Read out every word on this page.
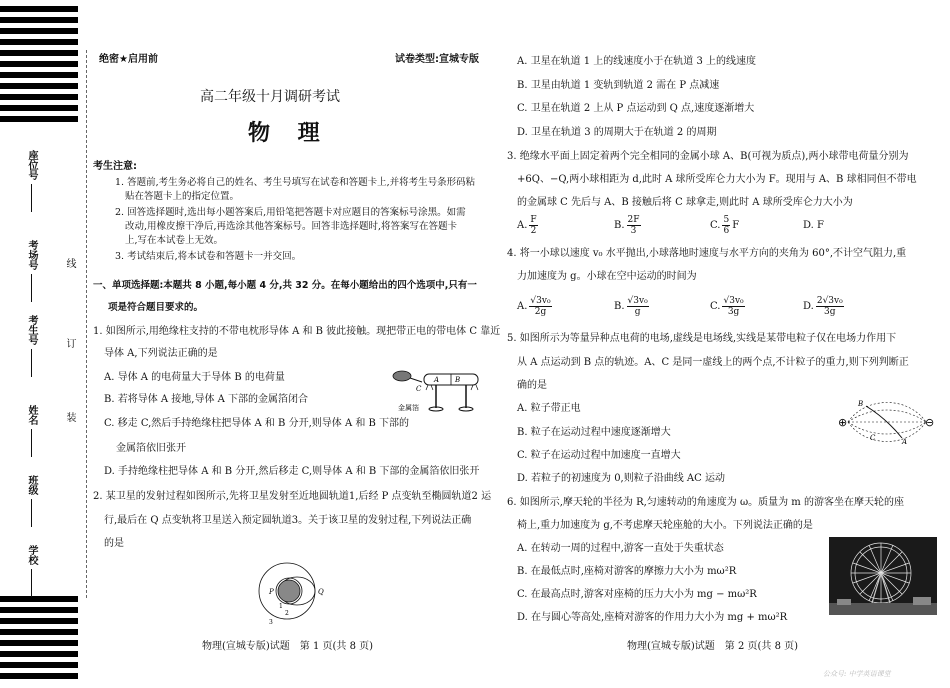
座位号
考场号
考生号
姓名
班级
学校
线
订
装
绝密★启用前	试卷类型:宣城专版
高二年级十月调研考试
物 理
考生注意:
1. 答题前,考生务必将自己的姓名、考生号填写在试卷和答题卡上,并将考生号条形码粘
贴在答题卡上的指定位置。
2. 回答选择题时,选出每小题答案后,用铅笔把答题卡对应题目的答案标号涂黑。如需
改动,用橡皮擦干净后,再选涂其他答案标号。回答非选择题时,将答案写在答题卡
上,写在本试卷上无效。
3. 考试结束后,将本试卷和答题卡一并交回。
一、单项选择题:本题共 8 小题,每小题 4 分,共 32 分。在每小题给出的四个选项中,只有一
项是符合题目要求的。
1. 如图所示,用绝缘柱支持的不带电枕形导体 A 和 B 彼此接触。现把带正电的带电体 C 靠近
导体 A,下列说法正确的是
A. 导体 A 的电荷量大于导体 B 的电荷量
B. 若将导体 A 接地,导体 A 下部的金属箔闭合
C. 移走 C,然后手持绝缘柱把导体 A 和 B 分开,则导体 A 和 B 下部的
金属箔依旧张开
D. 手持绝缘柱把导体 A 和 B 分开,然后移走 C,则导体 A 和 B 下部的金属箔依旧张开
A B
C
金属箔
2. 某卫星的发射过程如图所示,先将卫星发射至近地圆轨道1,后经 P 点变轨至椭圆轨道2 运
行,最后在 Q 点变轨将卫星送入预定圆轨道3。关于该卫星的发射过程,下列说法正确
的是
P	Q
1
2
3
物理(宣城专版)试题　第 1 页(共 8 页)
A. 卫星在轨道 1 上的线速度小于在轨道 3 上的线速度
B. 卫星由轨道 1 变轨到轨道 2 需在 P 点减速
C. 卫星在轨道 2 上从 P 点运动到 Q 点,速度逐渐增大
D. 卫星在轨道 3 的周期大于在轨道 2 的周期
3. 绝缘水平面上固定着两个完全相同的金属小球 A、B(可视为质点),两小球带电荷量分别为
+6Q、−Q,两小球相距为 d,此时 A 球所受库仑力大小为 F。现用与 A、B 球相同但不带电
的金属球 C 先后与 A、B 接触后将 C 球拿走,则此时 A 球所受库仑力大小为
A. $\frac{F}{2}$	B. $\frac{2F}{3}$	C. $\frac{5}{6}$ F	D. F
4. 将一小球以速度 v₀ 水平抛出,小球落地时速度与水平方向的夹角为 60°,不计空气阻力,重
力加速度为 g。小球在空中运动的时间为
A. $\frac{\text{√3v₀}}{2g}$	B. $\frac{\text{√3v₀}}{g}$	C. $\frac{\text{√3v₀}}{3g}$	D. $\frac{\text{2√3v₀}}{3g}$
5. 如图所示为等量异种点电荷的电场,虚线是电场线,实线是某带电粒子仅在电场力作用下
从 A 点运动到 B 点的轨迹。A、C 是同一虚线上的两个点,不计粒子的重力,则下列判断正
确的是
A. 粒子带正电
B. 粒子在运动过程中速度逐渐增大
C. 粒子在运动过程中加速度一直增大
D. 若粒子的初速度为 0,则粒子沿曲线 AC 运动
⊕	⊖
B
C	A
6. 如图所示,摩天轮的半径为 R,匀速转动的角速度为 ω。质量为 m 的游客坐在摩天轮的座
椅上,重力加速度为 g,不考虑摩天轮座舱的大小。下列说法正确的是
A. 在转动一周的过程中,游客一直处于失重状态
B. 在最低点时,座椅对游客的摩擦力大小为 mω²R
C. 在最高点时,游客对座椅的压力大小为 mg − mω²R
D. 在与圆心等高处,座椅对游客的作用力大小为 mg + mω²R
物理(宣城专版)试题　第 2 页(共 8 页)
公众号: 中学英语课堂
